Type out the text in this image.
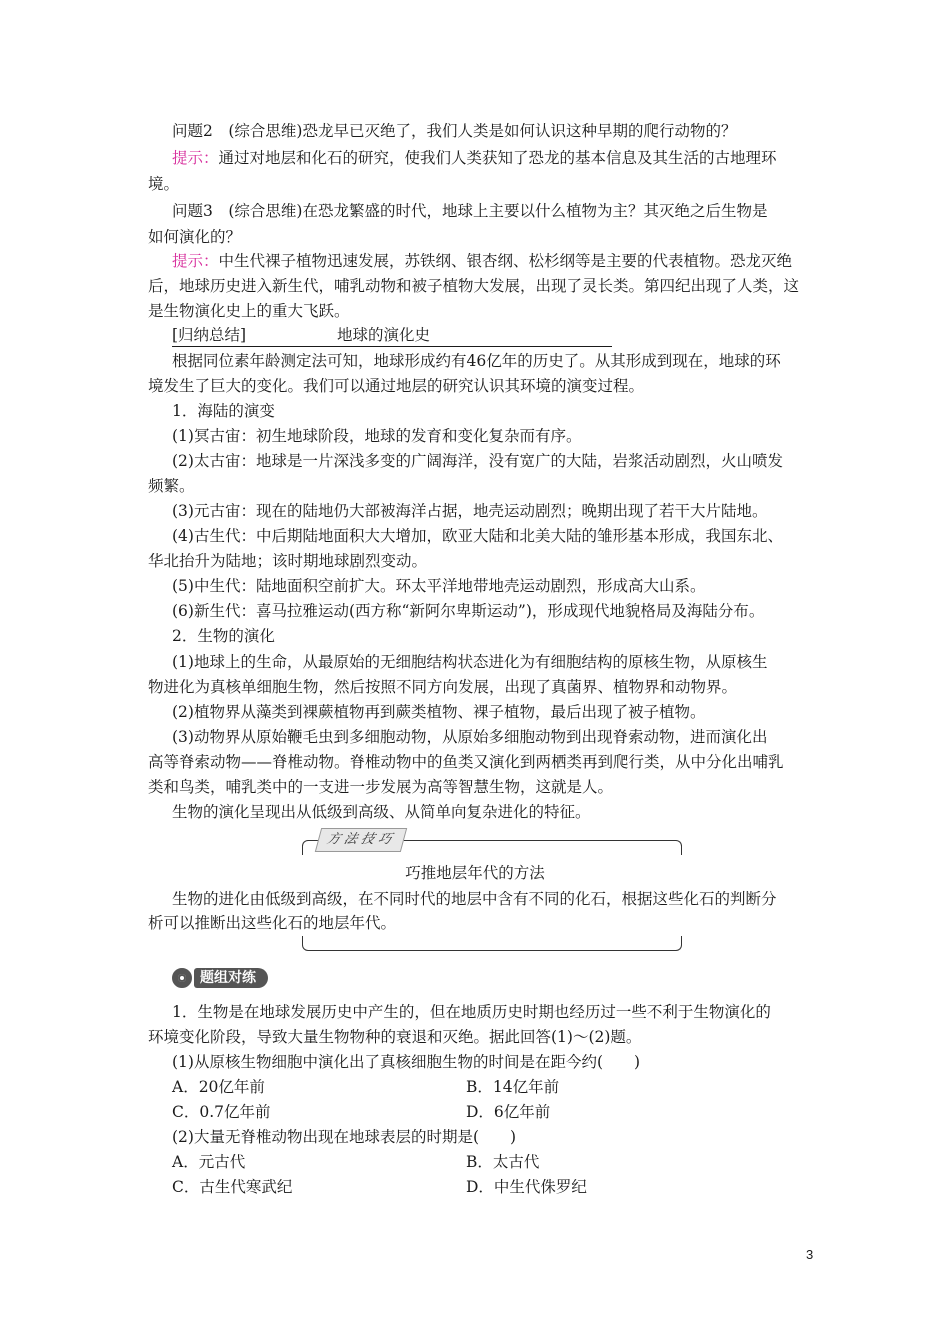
问题2　(综合思维)恐龙早已灭绝了，我们人类是如何认识这种早期的爬行动物的？
提示：通过对地层和化石的研究，使我们人类获知了恐龙的基本信息及其生活的古地理环
境。
问题3　(综合思维)在恐龙繁盛的时代，地球上主要以什么植物为主？其灭绝之后生物是
如何演化的？
提示：中生代裸子植物迅速发展，苏铁纲、银杏纲、松杉纲等是主要的代表植物。恐龙灭绝
后，地球历史进入新生代，哺乳动物和被子植物大发展，出现了灵长类。第四纪出现了人类，这
是生物演化史上的重大飞跃。
[归纳总结]	地球的演化史
根据同位素年龄测定法可知，地球形成约有46亿年的历史了。从其形成到现在，地球的环
境发生了巨大的变化。我们可以通过地层的研究认识其环境的演变过程。
1．海陆的演变
(1)冥古宙：初生地球阶段，地球的发育和变化复杂而有序。
(2)太古宙：地球是一片深浅多变的广阔海洋，没有宽广的大陆，岩浆活动剧烈，火山喷发
频繁。
(3)元古宙：现在的陆地仍大部被海洋占据，地壳运动剧烈；晚期出现了若干大片陆地。
(4)古生代：中后期陆地面积大大增加，欧亚大陆和北美大陆的雏形基本形成，我国东北、
华北抬升为陆地；该时期地球剧烈变动。
(5)中生代：陆地面积空前扩大。环太平洋地带地壳运动剧烈，形成高大山系。
(6)新生代：喜马拉雅运动(西方称“新阿尔卑斯运动”)，形成现代地貌格局及海陆分布。
2．生物的演化
(1)地球上的生命，从最原始的无细胞结构状态进化为有细胞结构的原核生物，从原核生
物进化为真核单细胞生物，然后按照不同方向发展，出现了真菌界、植物界和动物界。
(2)植物界从藻类到裸蕨植物再到蕨类植物、裸子植物，最后出现了被子植物。
(3)动物界从原始鞭毛虫到多细胞动物，从原始多细胞动物到出现脊索动物，进而演化出
高等脊索动物——脊椎动物。脊椎动物中的鱼类又演化到两栖类再到爬行类，从中分化出哺乳
类和鸟类，哺乳类中的一支进一步发展为高等智慧生物，这就是人。
生物的演化呈现出从低级到高级、从简单向复杂进化的特征。
方法技巧
巧推地层年代的方法
生物的进化由低级到高级，在不同时代的地层中含有不同的化石，根据这些化石的判断分
析可以推断出这些化石的地层年代。
题组对练
1．生物是在地球发展历史中产生的，但在地质历史时期也经历过一些不利于生物演化的
环境变化阶段，导致大量生物物种的衰退和灭绝。据此回答(1)～(2)题。
(1)从原核生物细胞中演化出了真核细胞生物的时间是在距今约(　　)
A．20亿年前	B．14亿年前
C．0.7亿年前	D．6亿年前
(2)大量无脊椎动物出现在地球表层的时期是(　　)
A．元古代	B．太古代
C．古生代寒武纪	D．中生代侏罗纪
3
